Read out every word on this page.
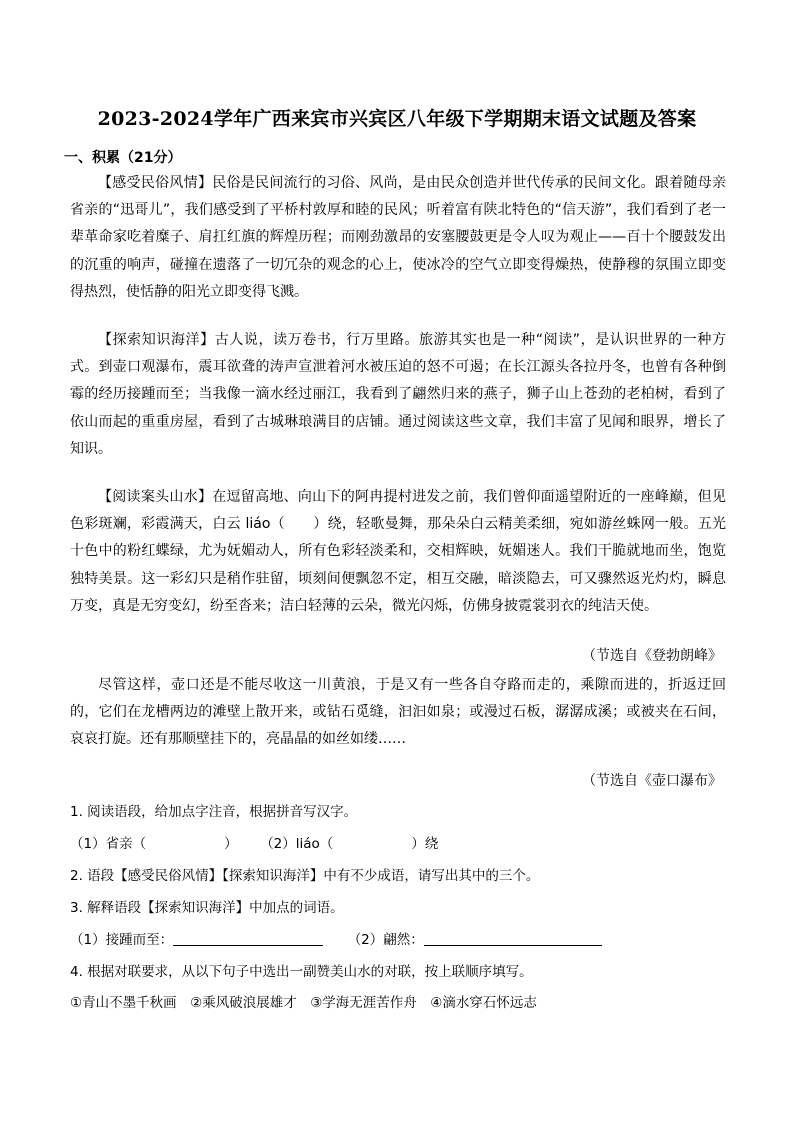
2023-2024学年广西来宾市兴宾区八年级下学期期末语文试题及答案
一、积累（21分）

【感受民俗风情】民俗是民间流行的习俗、风尚，是由民众创造并世代传承的民间文化。跟着随母亲省亲的“迅哥儿”，我们感受到了平桥村敦厚和睦的民风；听着富有陕北特色的“信天游”，我们看到了老一辈革命家吃着糜子、肩扛红旗的辉煌历程；而刚劲激昂的安塞腰鼓更是令人叹为观止——百十个腰鼓发出的沉重的响声，碰撞在遗落了一切冗杂的观念的心上，使冰冷的空气立即变得燥热，使静穆的氛围立即变得热烈，使恬静的阳光立即变得飞溅。

【探索知识海洋】古人说，读万卷书，行万里路。旅游其实也是一种“阅读”，是认识世界的一种方式。到壶口观瀑布，震耳欲聋的涛声宣泄着河水被压迫的怒不可遏；在长江源头各拉丹冬，也曾有各种倒霉的经历接踵而至；当我像一滴水经过丽江，我看到了翩然归来的燕子，狮子山上苍劲的老柏树，看到了依山而起的重重房屋，看到了古城琳琅满目的店铺。通过阅读这些文章，我们丰富了见闻和眼界，增长了知识。

【阅读案头山水】在逗留高地、向山下的阿冉提村进发之前，我们曾仰面遥望附近的一座峰巅，但见色彩斑斓，彩霞满天，白云 liáo（　　）绕，轻歌曼舞，那朵朵白云精美柔细，宛如游丝蛛网一般。五光十色中的粉红蝶绿，尤为妩媚动人，所有色彩轻淡柔和，交相辉映，妩媚迷人。我们干脆就地而坐，饱览独特美景。这一彩幻只是稍作驻留，顷刻间便飘忽不定，相互交融，暗淡隐去，可又骤然返光灼灼，瞬息万变，真是无穷变幻，纷至沓来；洁白轻薄的云朵，微光闪烁，仿佛身披霓裳羽衣的纯洁天使。

（节选自《登勃朗峰》

尽管这样，壶口还是不能尽收这一川黄浪，于是又有一些各自夺路而走的，乘隙而进的，折返迂回的，它们在龙槽两边的滩壁上散开来，或钻石觅缝，汩汩如泉；或漫过石板，潺潺成溪；或被夹在石间，哀哀打旋。还有那顺壁挂下的，亮晶晶的如丝如缕……

（节选自《壶口瀑布》
1. 阅读语段，给加点字注音，根据拼音写汉字。
（1）省亲（	） （2）liáo（	）绕
2. 语段【感受民俗风情】【探索知识海洋】中有不少成语，请写出其中的三个。
3. 解释语段【探索知识海洋】中加点的词语。
（1）接踵而至：	（2）翩然：
4. 根据对联要求，从以下句子中选出一副赞美山水的对联，按上联顺序填写。
①青山不墨千秋画　②乘风破浪展雄才　③学海无涯苦作舟　④滴水穿石怀远志
